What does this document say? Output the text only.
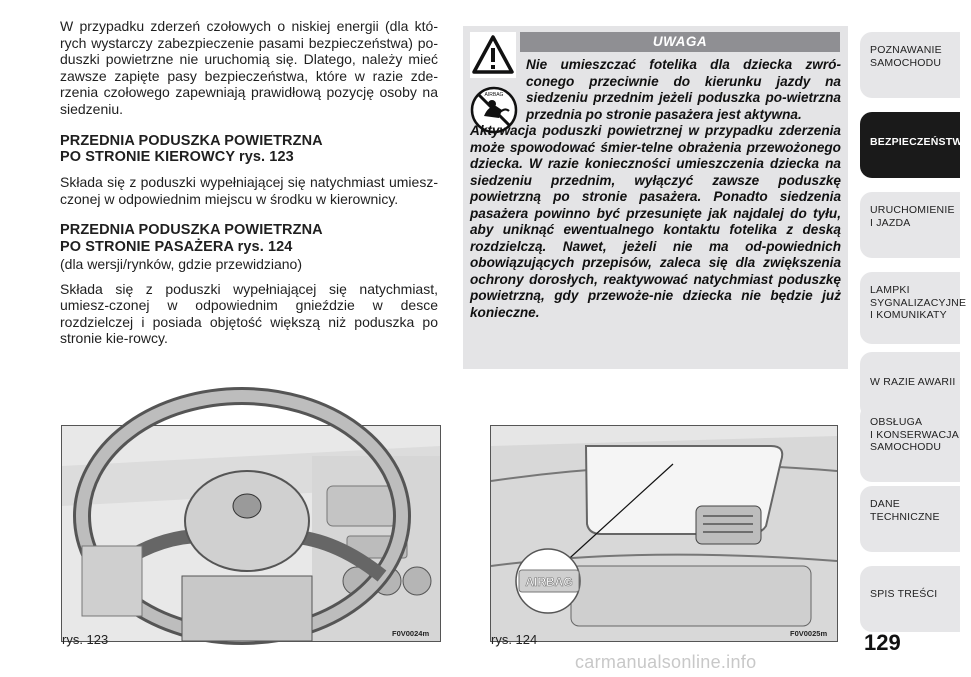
W przypadku zderzeń czołowych o niskiej energii (dla któ-rych wystarczy zabezpieczenie pasami bezpieczeństwa) po-duszki powietrzne nie uruchomią się. Dlatego, należy mieć zawsze zapięte pasy bezpieczeństwa, które w razie zde-rzenia czołowego zapewniają prawidłową pozycję osoby na siedzeniu.

PRZEDNIA PODUSZKA POWIETRZNA
PO STRONIE KIEROWCY rys. 123

Składa się z poduszki wypełniającej się natychmiast umiesz-czonej w odpowiednim miejscu w środku w kierownicy.

PRZEDNIA PODUSZKA POWIETRZNA
PO STRONIE PASAŻERA rys. 124

(dla wersji/rynków, gdzie przewidziano)

Składa się z poduszki wypełniającej się natychmiast, umiesz-czonej w odpowiednim gnieździe w desce rozdzielczej i posiada objętość większą niż poduszka po stronie kie-rowcy.

UWAGA
AIRBAG

Nie umieszczać fotelika dla dziecka zwró-conego przeciwnie do kierunku jazdy na siedzeniu przednim jeżeli poduszka po-wietrzna przednia po stronie pasażera jest aktywna.

Aktywacja poduszki powietrznej w przypadku zderzenia może spowodować śmier-telne obrażenia przewożonego dziecka. W razie konieczności umieszczenia dziecka na siedzeniu przednim, wyłączyć zawsze poduszkę powietrzną po stronie pasażera. Ponadto siedzenia pasażera powinno być przesunięte jak najdalej do tyłu, aby uniknąć ewentualnego kontaktu fotelika z deską rozdzielczą. Nawet, jeżeli nie ma od-powiednich obowiązujących przepisów, zaleca się dla zwiększenia ochrony dorosłych, reaktywować natychmiast poduszkę powietrzną, gdy przewoże-nie dziecka nie będzie już konieczne.

POZNAWANIE
SAMOCHODU
BEZPIECZEŃSTWO
URUCHOMIENIE
I JAZDA
LAMPKI
SYGNALIZACYJNE
I KOMUNIKATY
W RAZIE AWARII
OBSŁUGA
I KONSERWACJA
SAMOCHODU
DANE
TECHNICZNE
SPIS TREŚCI
rys. 123	F0V0024m
AIRBAG
rys. 124	F0V0025m 129
carmanualsonline.info
